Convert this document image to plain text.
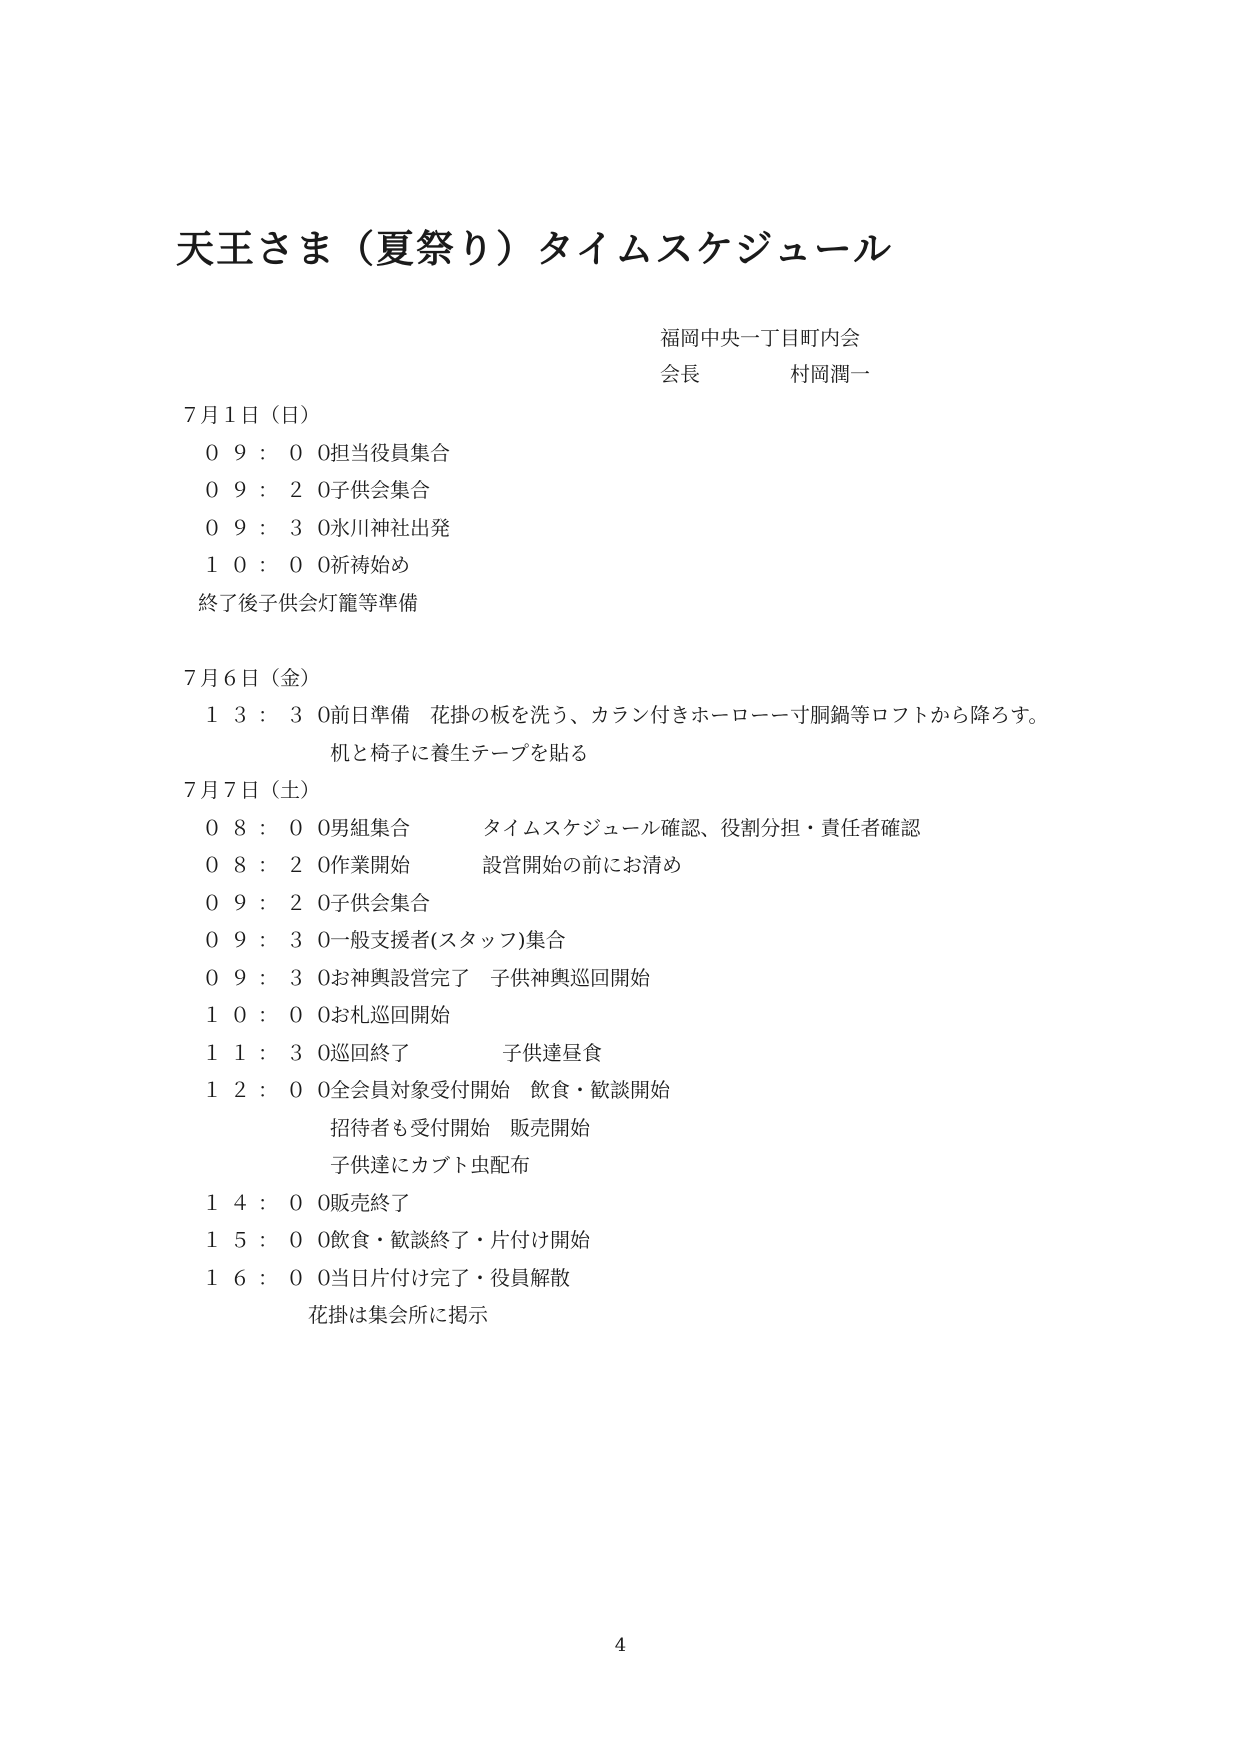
天王さま（夏祭り）タイムスケジュール
福岡中央一丁目町内会
会長	村岡潤一
７月１日（日）
０９：００担当役員集合
０９：２０子供会集合
０９：３０氷川神社出発
１０：００祈祷始め
終了後子供会灯籠等準備
７月６日（金）
１３：３０前日準備　花掛の板を洗う、カラン付きホーローー寸胴鍋等ロフトから降ろす。
机と椅子に養生テープを貼る
７月７日（土）
０８：００男組集合	タイムスケジュール確認、役割分担・責任者確認
０８：２０作業開始	設営開始の前にお清め
０９：２０子供会集合
０９：３０一般支援者(スタッフ)集合
０９：３０お神輿設営完了　子供神輿巡回開始
１０：００お札巡回開始
１１：３０巡回終了	子供達昼食
１２：００全会員対象受付開始　飲食・歓談開始
招待者も受付開始　販売開始
子供達にカブト虫配布
１４：００販売終了
１５：００飲食・歓談終了・片付け開始
１６：００当日片付け完了・役員解散
花掛は集会所に掲示
4
